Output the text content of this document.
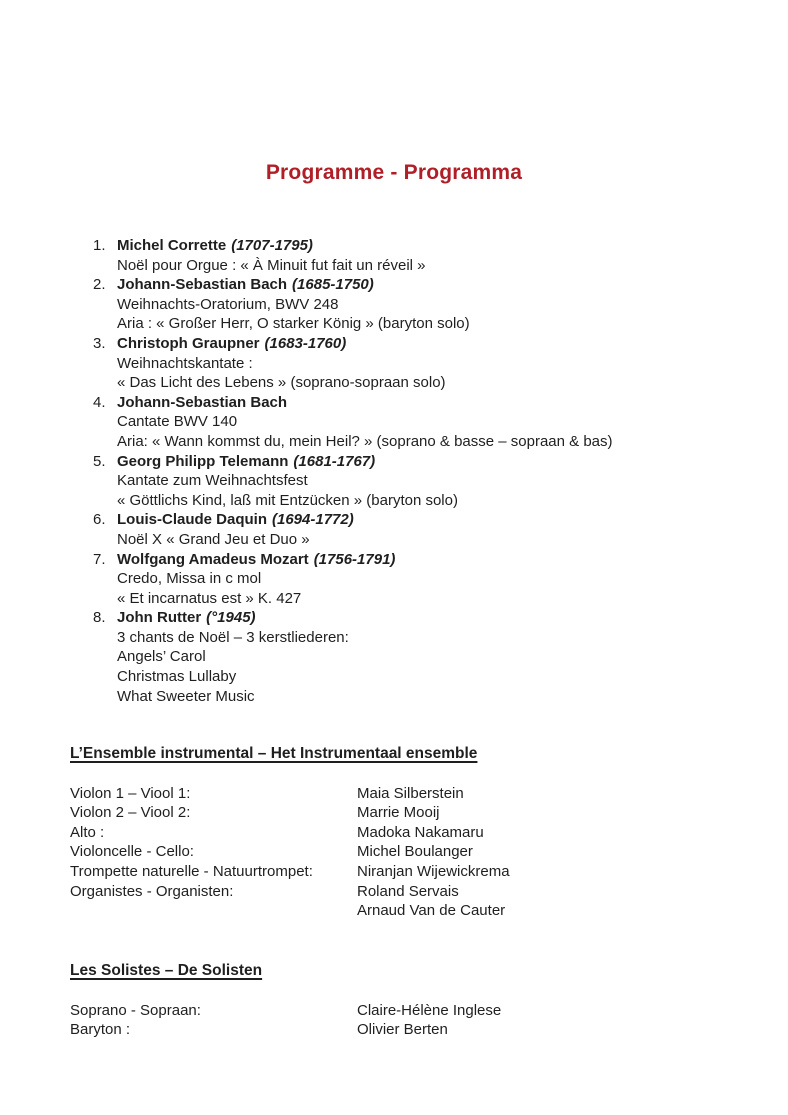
Programme - Programma
1. Michel Corrette (1707-1795)
Noël pour Orgue : « À Minuit fut fait un réveil »
2. Johann-Sebastian Bach (1685-1750)
Weihnachts-Oratorium, BWV 248
Aria : « Großer Herr, O starker König » (baryton solo)
3. Christoph Graupner (1683-1760)
Weihnachtskantate :
« Das Licht des Lebens » (soprano-sopraan solo)
4. Johann-Sebastian Bach
Cantate BWV 140
Aria: « Wann kommst du, mein Heil? » (soprano & basse – sopraan & bas)
5. Georg Philipp Telemann (1681-1767)
Kantate zum Weihnachtsfest
« Göttlichs Kind, laß mit Entzücken » (baryton solo)
6. Louis-Claude Daquin (1694-1772)
Noël X « Grand Jeu et Duo »
7. Wolfgang Amadeus Mozart (1756-1791)
Credo, Missa in c mol
« Et incarnatus est » K. 427
8. John Rutter (°1945)
3 chants de Noël – 3 kerstliederen:
Angels’ Carol
Christmas Lullaby
What Sweeter Music
L’Ensemble instrumental – Het Instrumentaal ensemble
Violon 1 – Viool 1:	Maia Silberstein
Violon 2 – Viool 2:	Marrie Mooij
Alto :	Madoka Nakamaru
Violoncelle - Cello:	Michel Boulanger
Trompette naturelle - Natuurtrompet:	Niranjan Wijewickrema
Organistes - Organisten:	Roland Servais
Arnaud Van de Cauter
Les Solistes – De Solisten
Soprano - Sopraan:	Claire-Hélène Inglese
Baryton :	Olivier Berten
